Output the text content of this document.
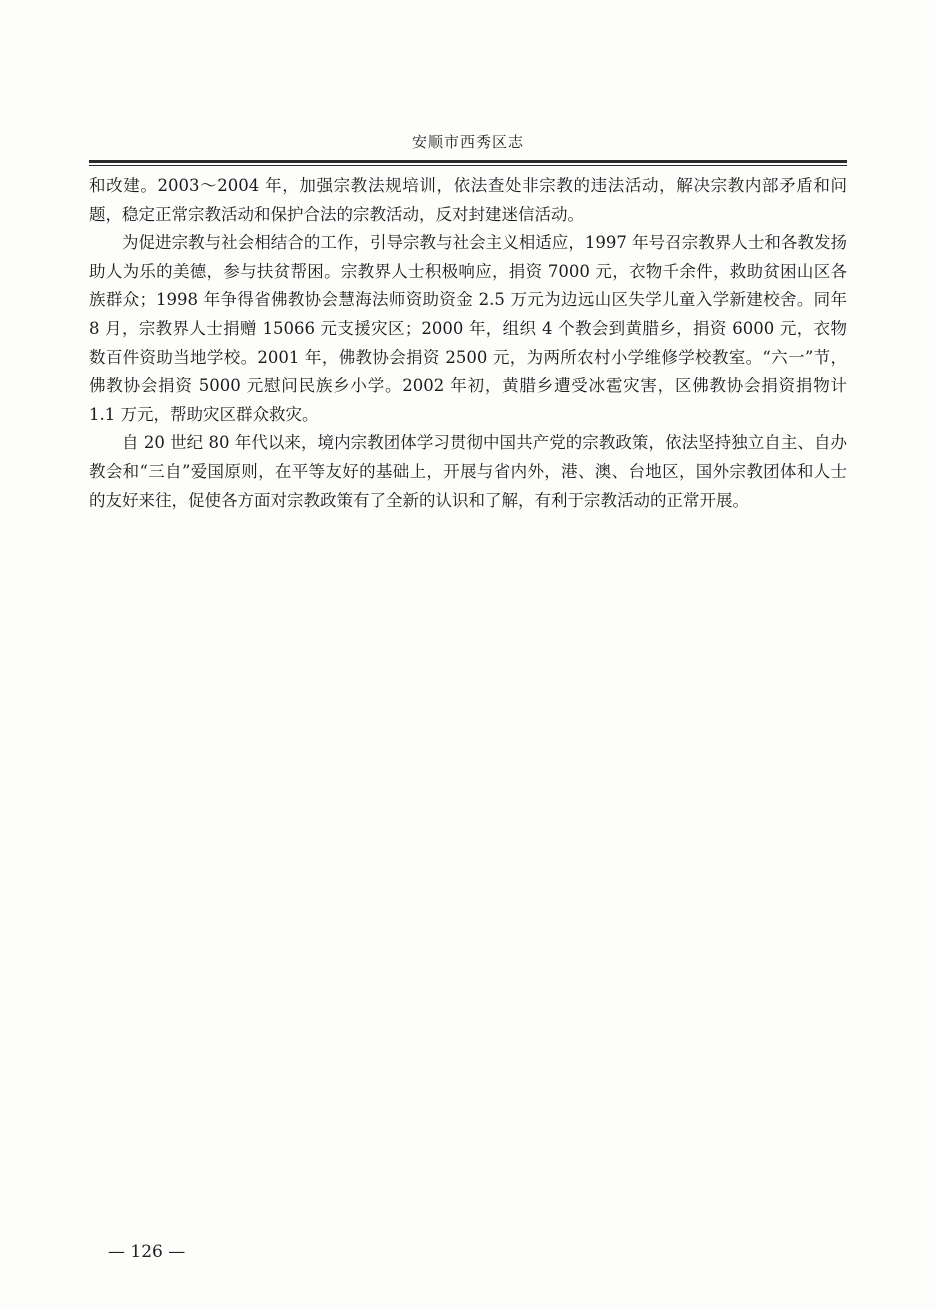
安顺市西秀区志

和改建。2003～2004 年，加强宗教法规培训，依法查处非宗教的违法活动，解决宗教内部矛盾和问题，稳定正常宗教活动和保护合法的宗教活动，反对封建迷信活动。

为促进宗教与社会相结合的工作，引导宗教与社会主义相适应，1997 年号召宗教界人士和各教发扬助人为乐的美德，参与扶贫帮困。宗教界人士积极响应，捐资 7000 元，衣物千余件，救助贫困山区各族群众；1998 年争得省佛教协会慧海法师资助资金 2.5 万元为边远山区失学儿童入学新建校舍。同年 8 月，宗教界人士捐赠 15066 元支援灾区；2000 年，组织 4 个教会到黄腊乡，捐资 6000 元，衣物数百件资助当地学校。2001 年，佛教协会捐资 2500 元，为两所农村小学维修学校教室。“六一”节，佛教协会捐资 5000 元慰问民族乡小学。2002 年初，黄腊乡遭受冰雹灾害，区佛教协会捐资捐物计 1.1 万元，帮助灾区群众救灾。

自 20 世纪 80 年代以来，境内宗教团体学习贯彻中国共产党的宗教政策，依法坚持独立自主、自办教会和“三自”爱国原则，在平等友好的基础上，开展与省内外，港、澳、台地区，国外宗教团体和人士的友好来往，促使各方面对宗教政策有了全新的认识和了解，有利于宗教活动的正常开展。

— 126 —
